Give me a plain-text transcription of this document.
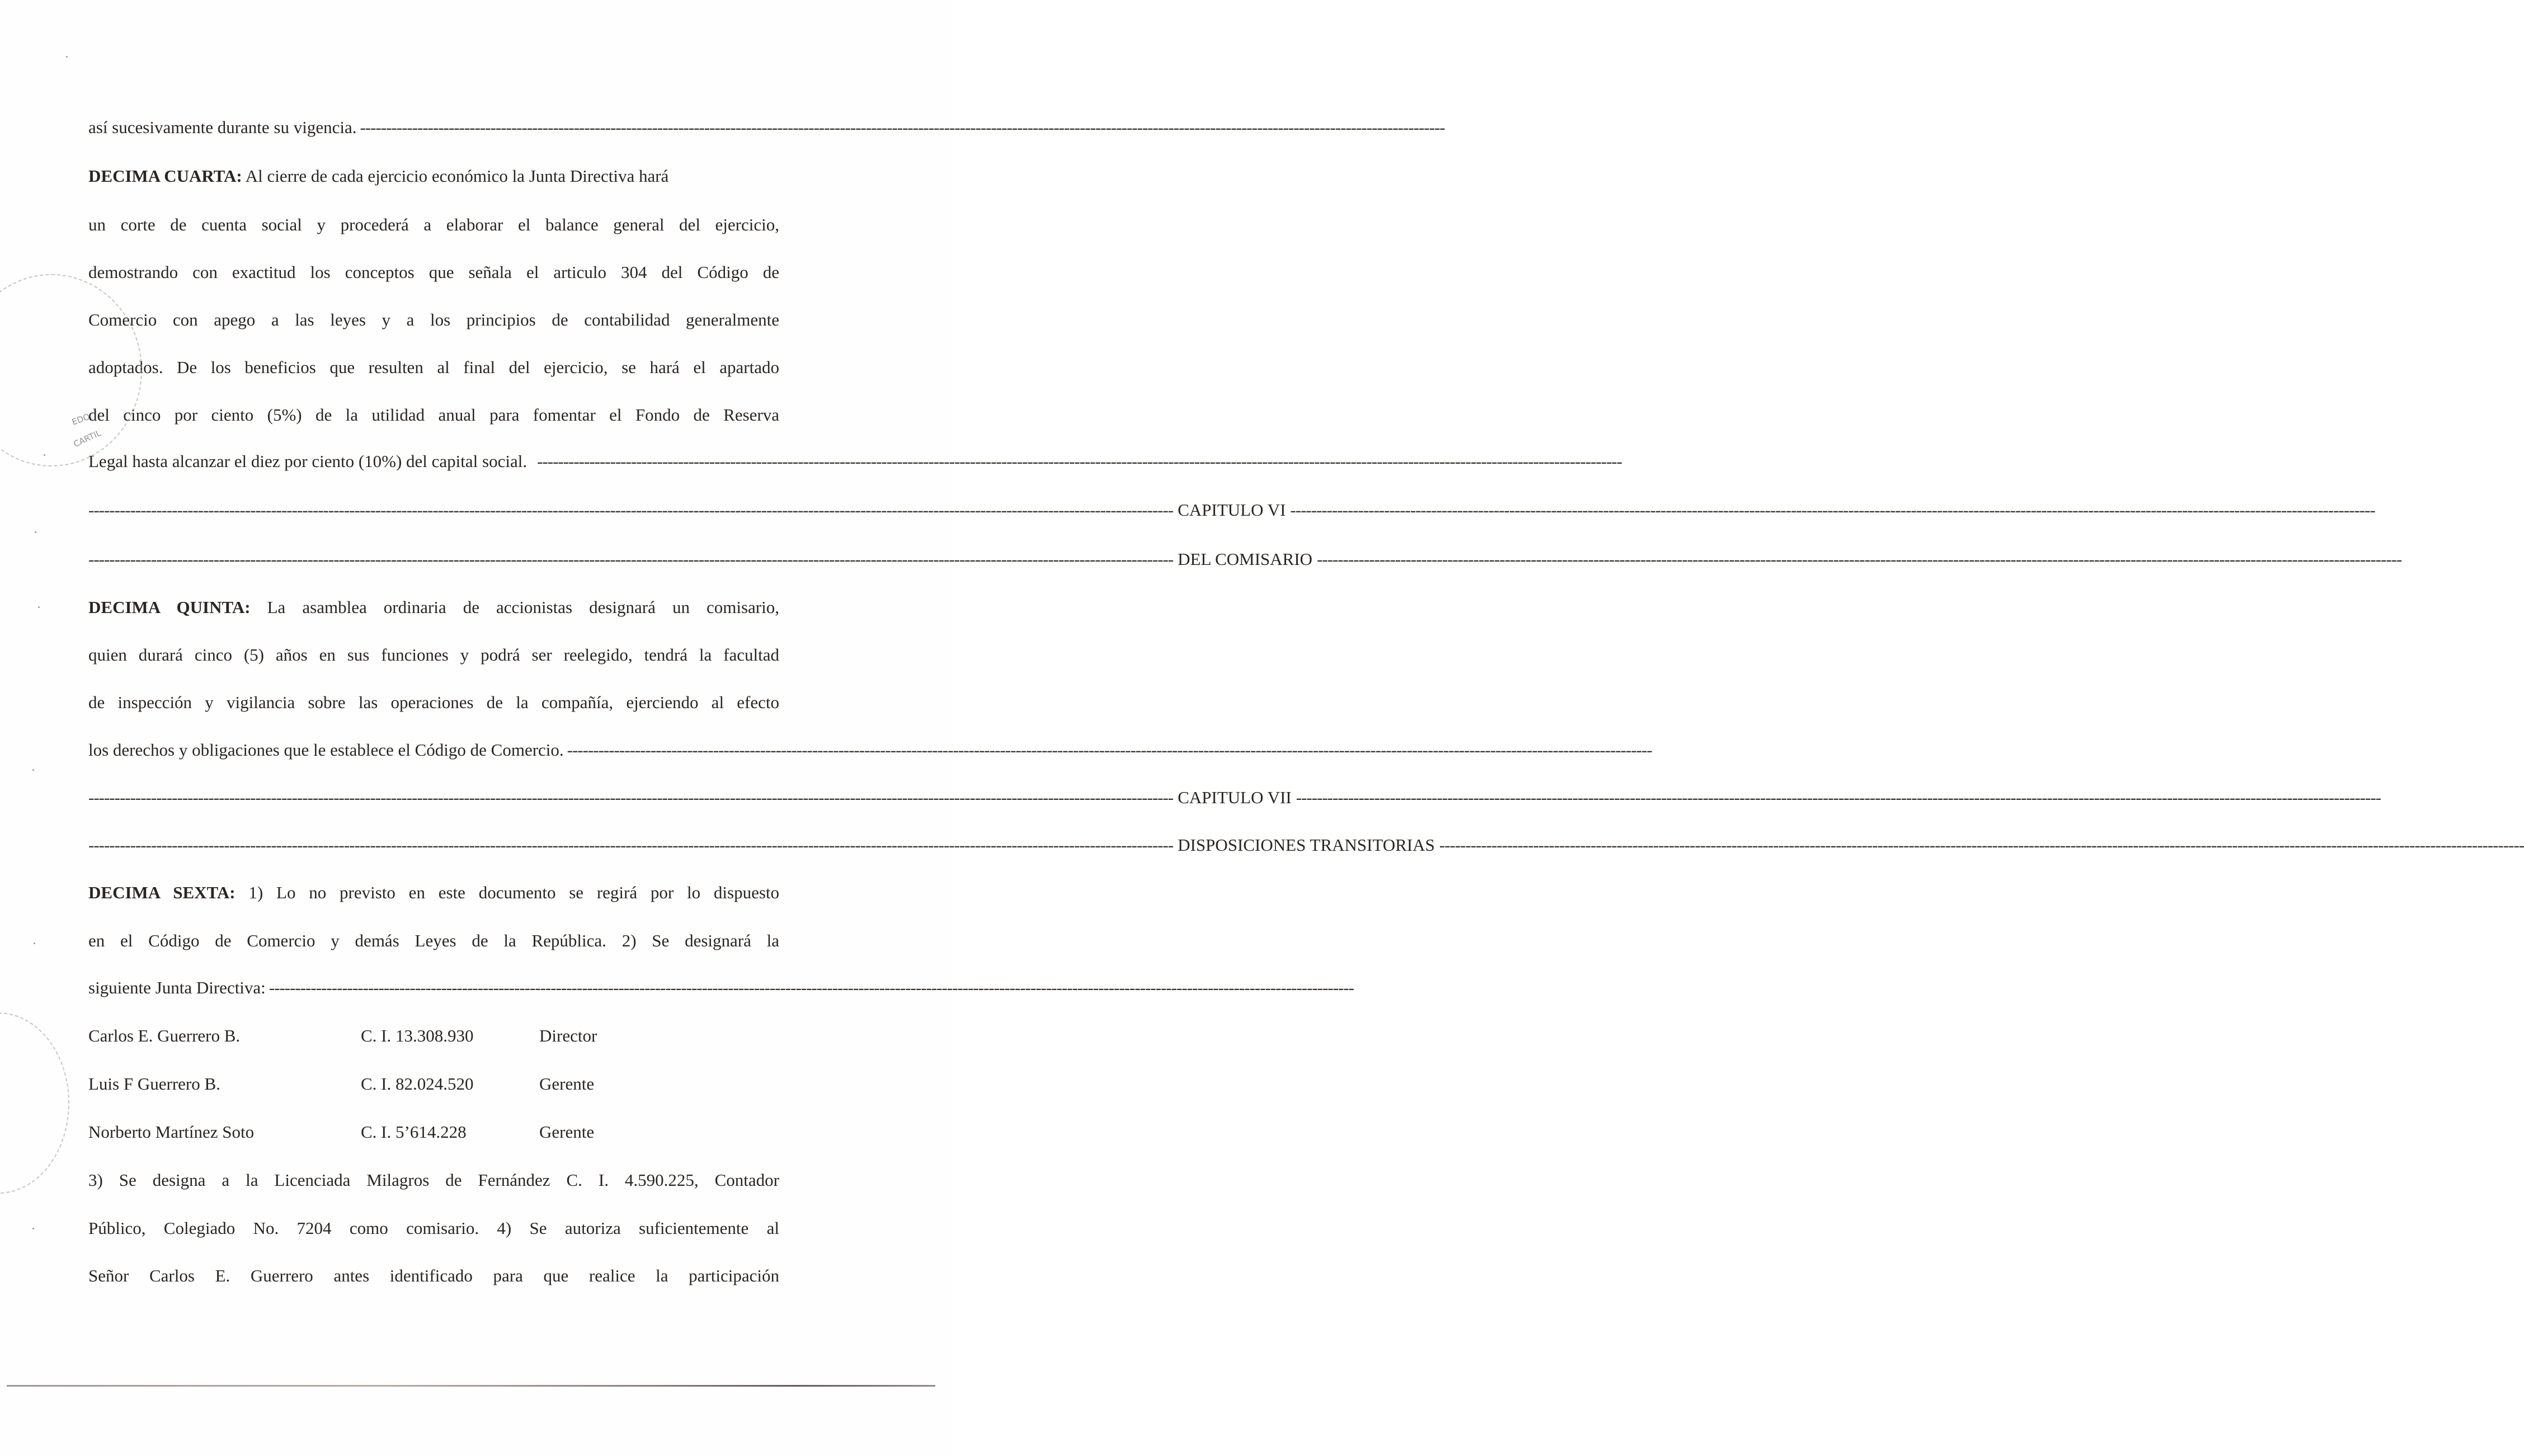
así sucesivamente durante su vigencia. ----------------------------------------------------------------------------------------------------------------------------------------------------------------------------------------------------------------
DECIMA CUARTA: Al cierre de cada ejercicio económico la Junta Directiva hará
un corte de cuenta social y procederá a elaborar el balance general del ejercicio,
demostrando con exactitud los conceptos que señala el articulo 304 del Código de
Comercio con apego a las leyes y a los principios de contabilidad generalmente
adoptados. De los beneficios que resulten al final del ejercicio, se hará el apartado
del cinco por ciento (5%) de la utilidad anual para fomentar el Fondo de Reserva
Legal hasta alcanzar el diez por ciento (10%) del capital social. ----------------------------------------------------------------------------------------------------------------------------------------------------------------------------------------------------------------
---------------------------------------------------------------------------------------------------------------------------------------------------------------------------------------------------------------- CAPITULO VI ----------------------------------------------------------------------------------------------------------------------------------------------------------------------------------------------------------------
---------------------------------------------------------------------------------------------------------------------------------------------------------------------------------------------------------------- DEL COMISARIO ----------------------------------------------------------------------------------------------------------------------------------------------------------------------------------------------------------------
DECIMA QUINTA: La asamblea ordinaria de accionistas designará un comisario,
quien durará cinco (5) años en sus funciones y podrá ser reelegido, tendrá la facultad
de inspección y vigilancia sobre las operaciones de la compañía, ejerciendo al efecto
los derechos y obligaciones que le establece el Código de Comercio. ----------------------------------------------------------------------------------------------------------------------------------------------------------------------------------------------------------------
---------------------------------------------------------------------------------------------------------------------------------------------------------------------------------------------------------------- CAPITULO VII ----------------------------------------------------------------------------------------------------------------------------------------------------------------------------------------------------------------
---------------------------------------------------------------------------------------------------------------------------------------------------------------------------------------------------------------- DISPOSICIONES TRANSITORIAS ----------------------------------------------------------------------------------------------------------------------------------------------------------------------------------------------------------------
DECIMA SEXTA: 1) Lo no previsto en este documento se regirá por lo dispuesto
en el Código de Comercio y demás Leyes de la República. 2) Se designará la
siguiente Junta Directiva: ----------------------------------------------------------------------------------------------------------------------------------------------------------------------------------------------------------------
Carlos E. Guerrero B.	C. I. 13.308.930	Director
Luis F Guerrero B.	C. I. 82.024.520	Gerente
Norberto Martínez Soto	C. I. 5’614.228	Gerente
3) Se designa a la Licenciada Milagros de Fernández C. I. 4.590.225, Contador
Público, Colegiado No. 7204 como comisario. 4) Se autoriza suficientemente al
Señor Carlos E. Guerrero antes identificado para que realice la participación
EDO.
CARTIL
